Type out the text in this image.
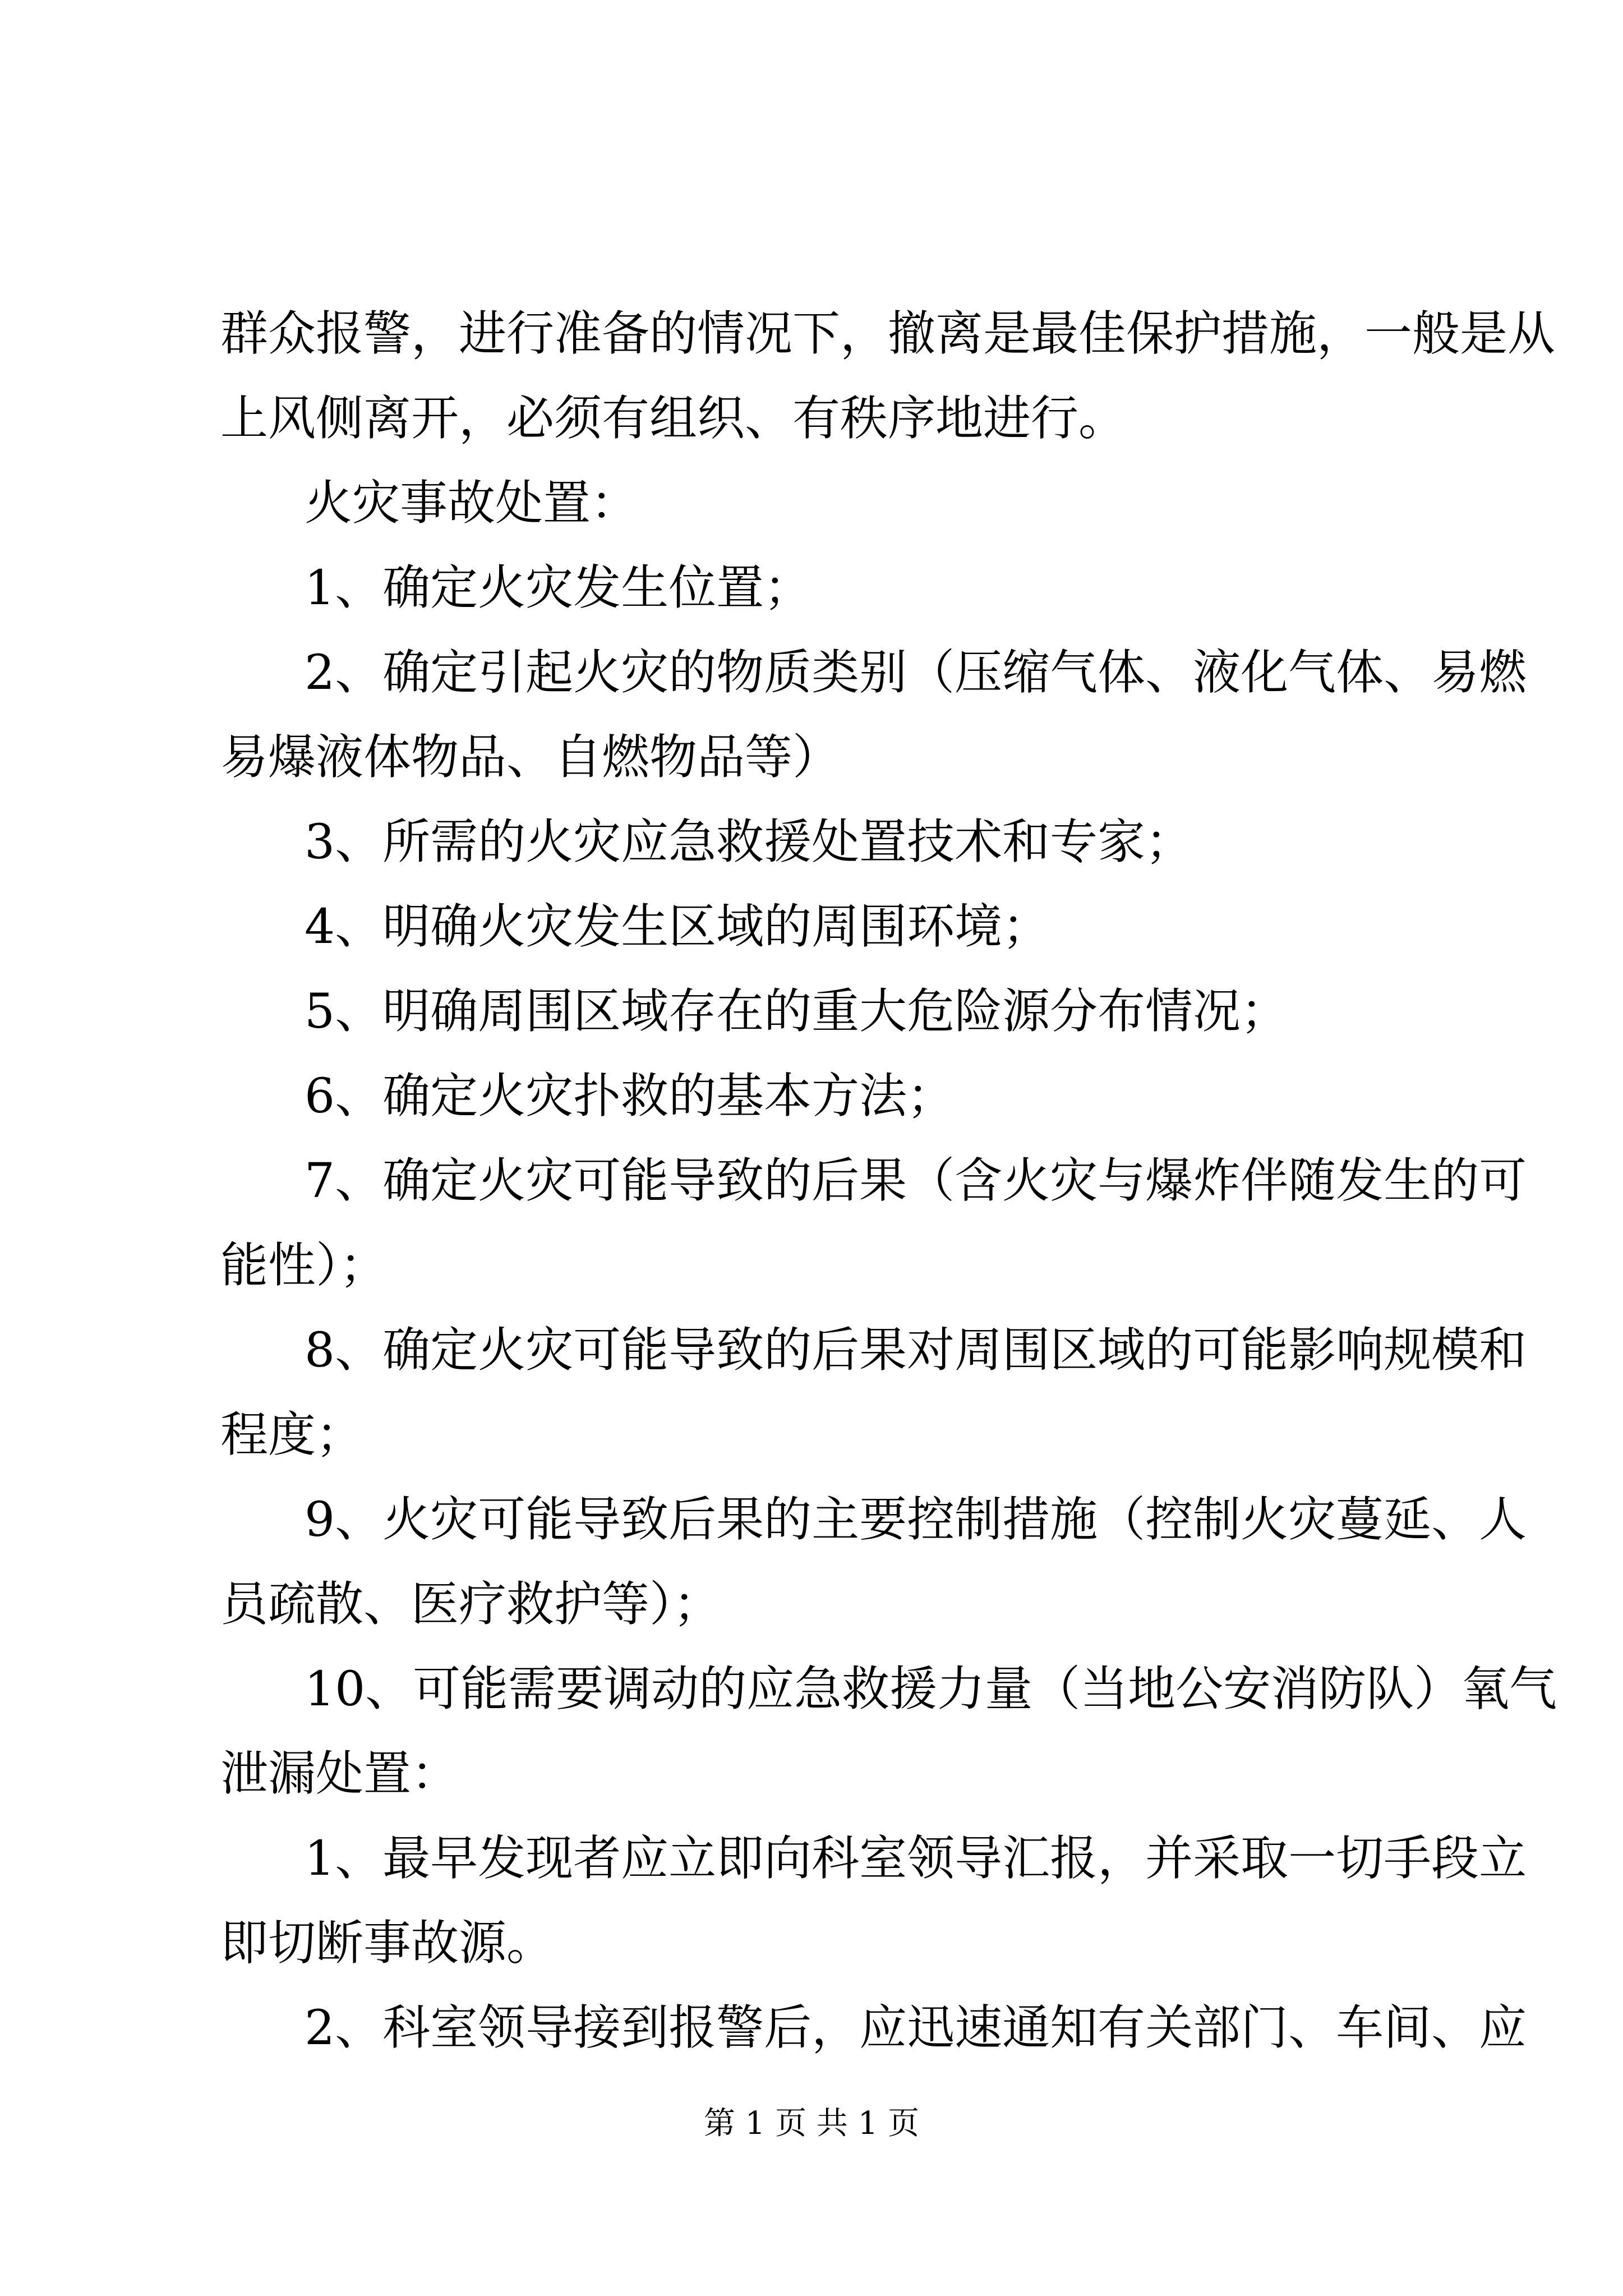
群众报警，进行准备的情况下，撤离是最佳保护措施，一般是从
上风侧离开，必须有组织、有秩序地进行。
火灾事故处置：
1、确定火灾发生位置；
2、确定引起火灾的物质类别（压缩气体、液化气体、易燃
易爆液体物品、自燃物品等）
3、所需的火灾应急救援处置技术和专家；
4、明确火灾发生区域的周围环境；
5、明确周围区域存在的重大危险源分布情况；
6、确定火灾扑救的基本方法；
7、确定火灾可能导致的后果（含火灾与爆炸伴随发生的可
能性）；
8、确定火灾可能导致的后果对周围区域的可能影响规模和
程度；
9、火灾可能导致后果的主要控制措施（控制火灾蔓延、人
员疏散、医疗救护等）；
10、可能需要调动的应急救援力量（当地公安消防队）氧气
泄漏处置：
1、最早发现者应立即向科室领导汇报，并采取一切手段立
即切断事故源。
2、科室领导接到报警后，应迅速通知有关部门、车间、应
第 1 页 共 1 页
